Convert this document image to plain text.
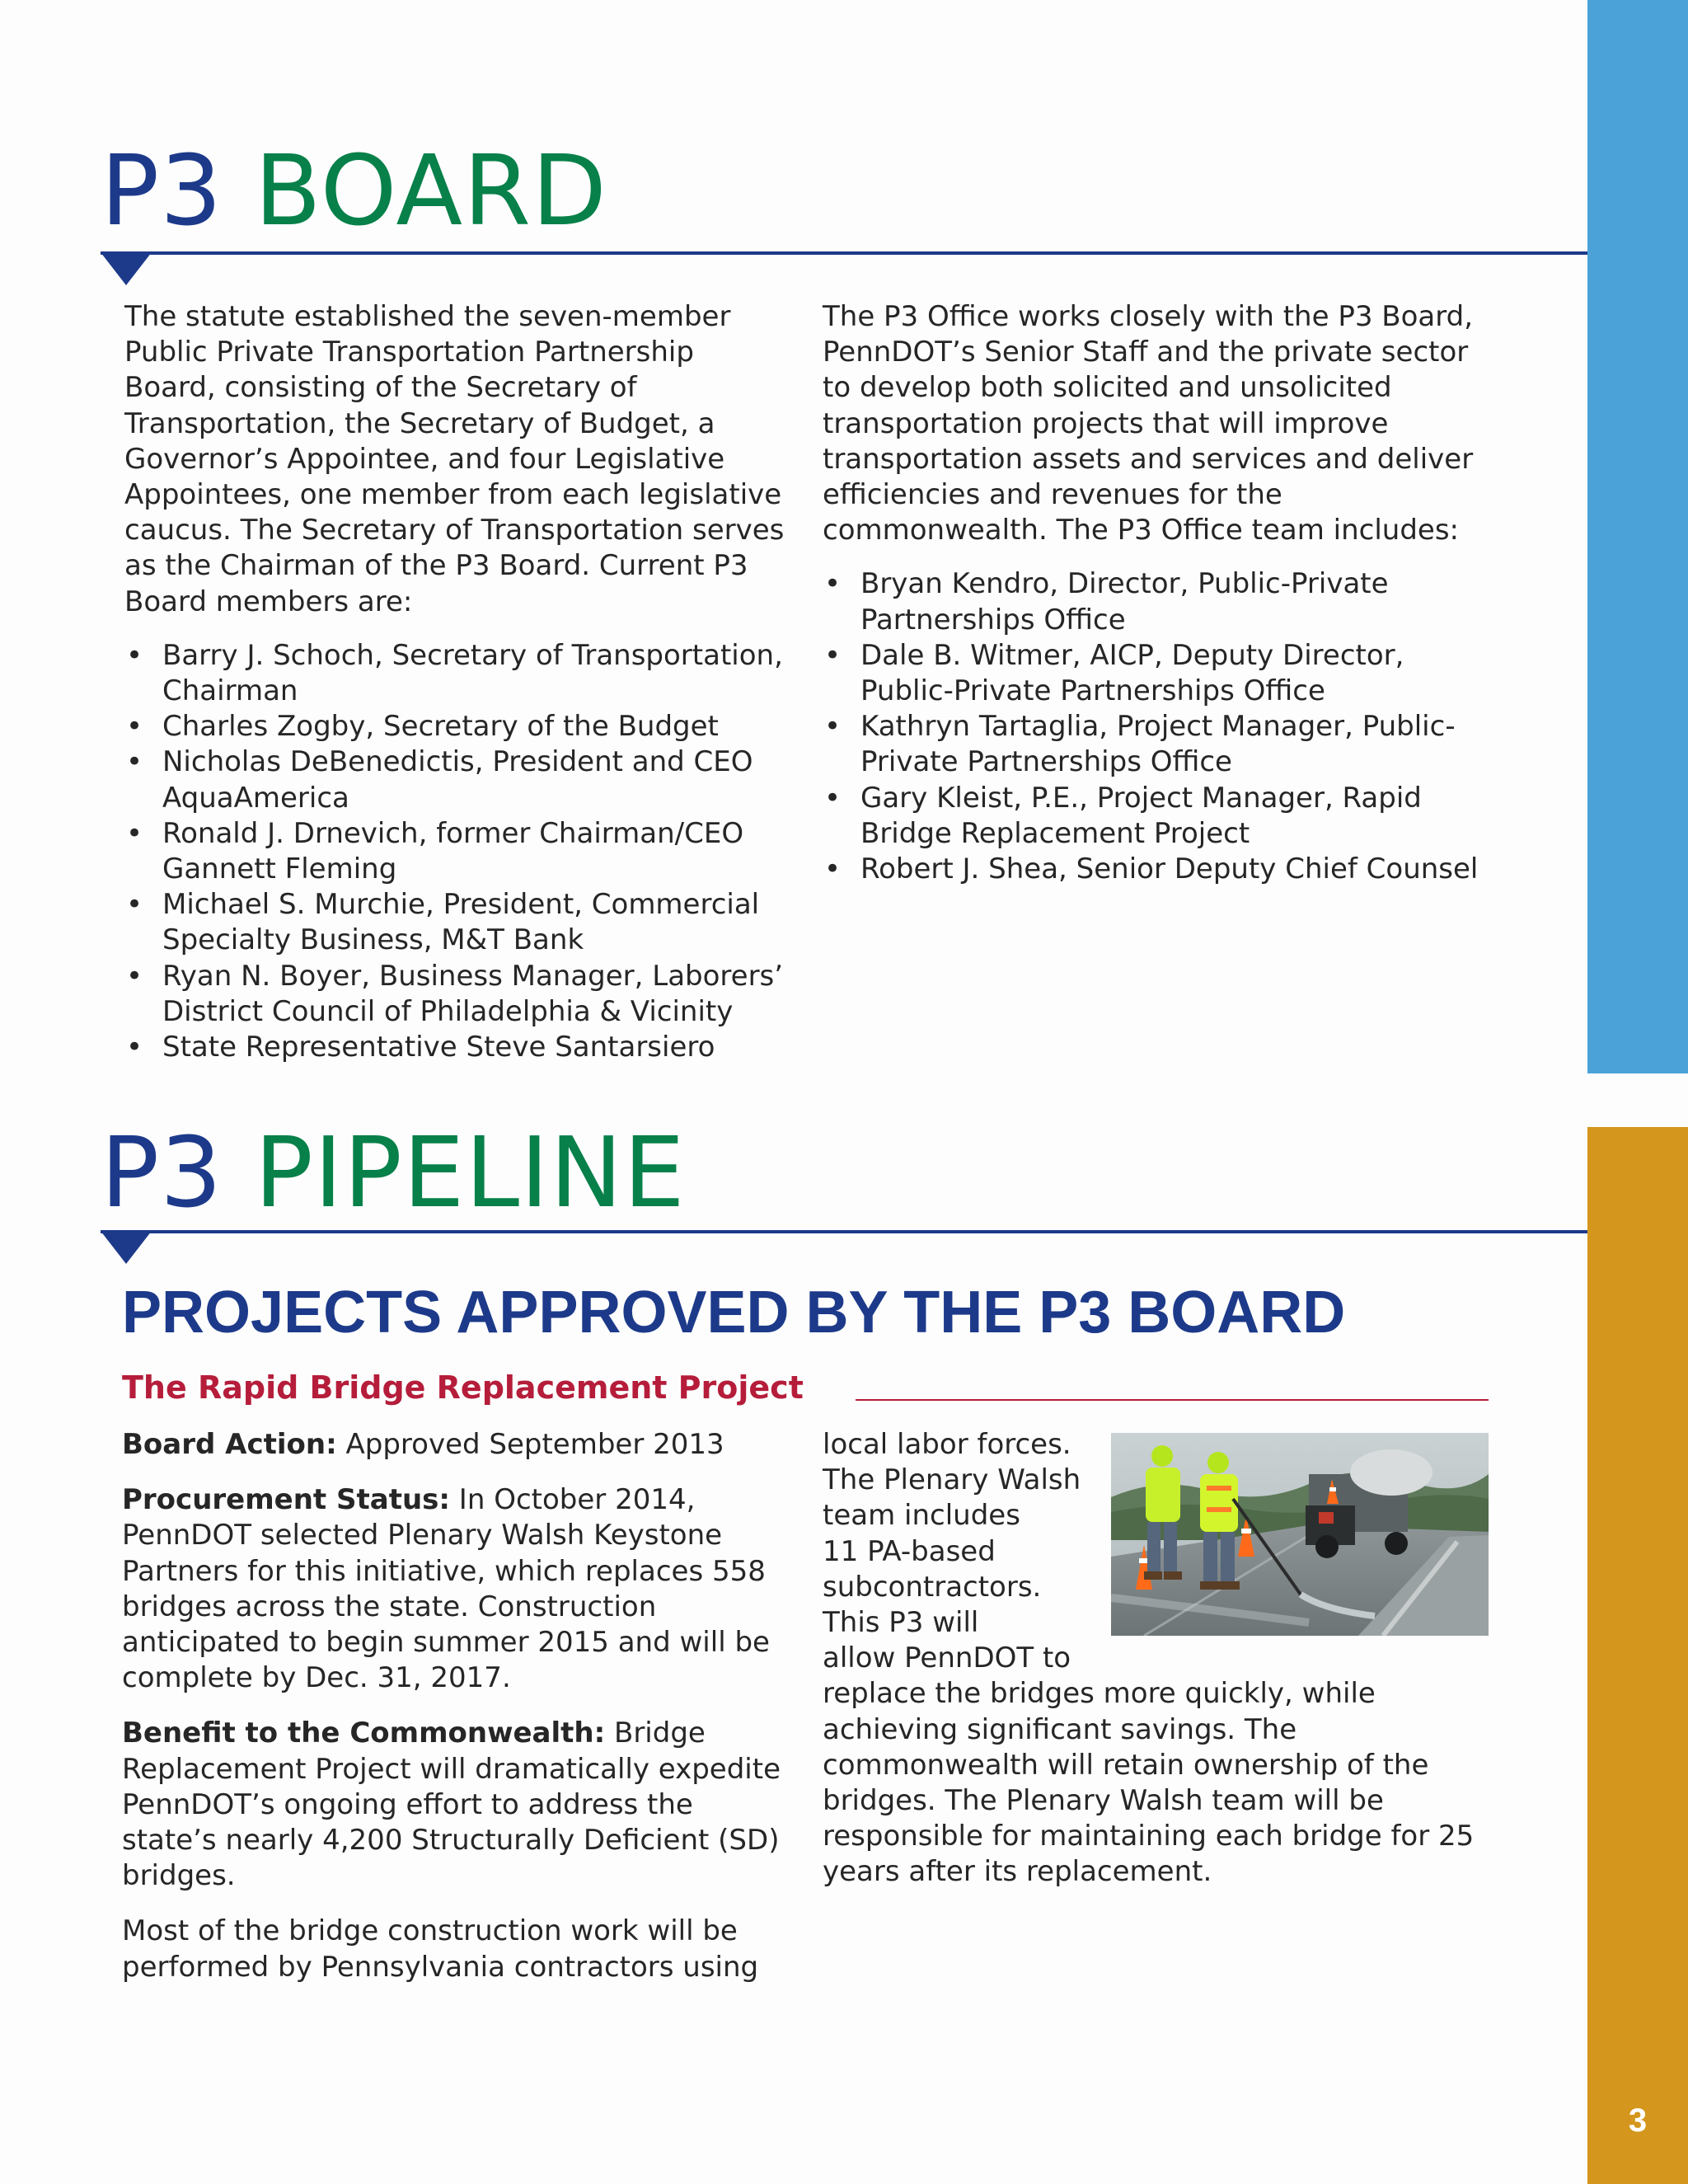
3
P3 BOARD

The statute established the seven-member Public Private Transportation Partnership Board, consisting of the Secretary of Transportation, the Secretary of Budget, a Governor’s Appointee, and four Legislative Appointees, one member from each legislative caucus. The Secretary of Transportation serves as the Chairman of the P3 Board. Current P3 Board members are:

• Barry J. Schoch, Secretary of Transportation, Chairman
• Charles Zogby, Secretary of the Budget
• Nicholas DeBenedictis, President and CEO AquaAmerica
• Ronald J. Drnevich, former Chairman/CEO Gannett Fleming
• Michael S. Murchie, President, Commercial Specialty Business, M&T Bank
• Ryan N. Boyer, Business Manager, Laborers’ District Council of Philadelphia & Vicinity
• State Representative Steve Santarsiero

The P3 Office works closely with the P3 Board, PennDOT’s Senior Staff and the private sector to develop both solicited and unsolicited transportation projects that will improve transportation assets and services and deliver efficiencies and revenues for the commonwealth. The P3 Office team includes:

• Bryan Kendro, Director, Public-Private Partnerships Office
• Dale B. Witmer, AICP, Deputy Director, Public-Private Partnerships Office
• Kathryn Tartaglia, Project Manager, Public-Private Partnerships Office
• Gary Kleist, P.E., Project Manager, Rapid Bridge Replacement Project
• Robert J. Shea, Senior Deputy Chief Counsel
P3 PIPELINE
PROJECTS APPROVED BY THE P3 BOARD
The Rapid Bridge Replacement Project

Board Action: Approved September 2013

Procurement Status: In October 2014, PennDOT selected Plenary Walsh Keystone Partners for this initiative, which replaces 558 bridges across the state. Construction anticipated to begin summer 2015 and will be complete by Dec. 31, 2017.

Benefit to the Commonwealth: Bridge Replacement Project will dramatically expedite PennDOT’s ongoing effort to address the state’s nearly 4,200 Structurally Deficient (SD) bridges.

Most of the bridge construction work will be performed by Pennsylvania contractors using

local labor forces.
The Plenary Walsh
team includes
11 PA-based
subcontractors.
This P3 will
allow PennDOT to

replace the bridges more quickly, while achieving significant savings. The commonwealth will retain ownership of the bridges. The Plenary Walsh team will be responsible for maintaining each bridge for 25 years after its replacement.
